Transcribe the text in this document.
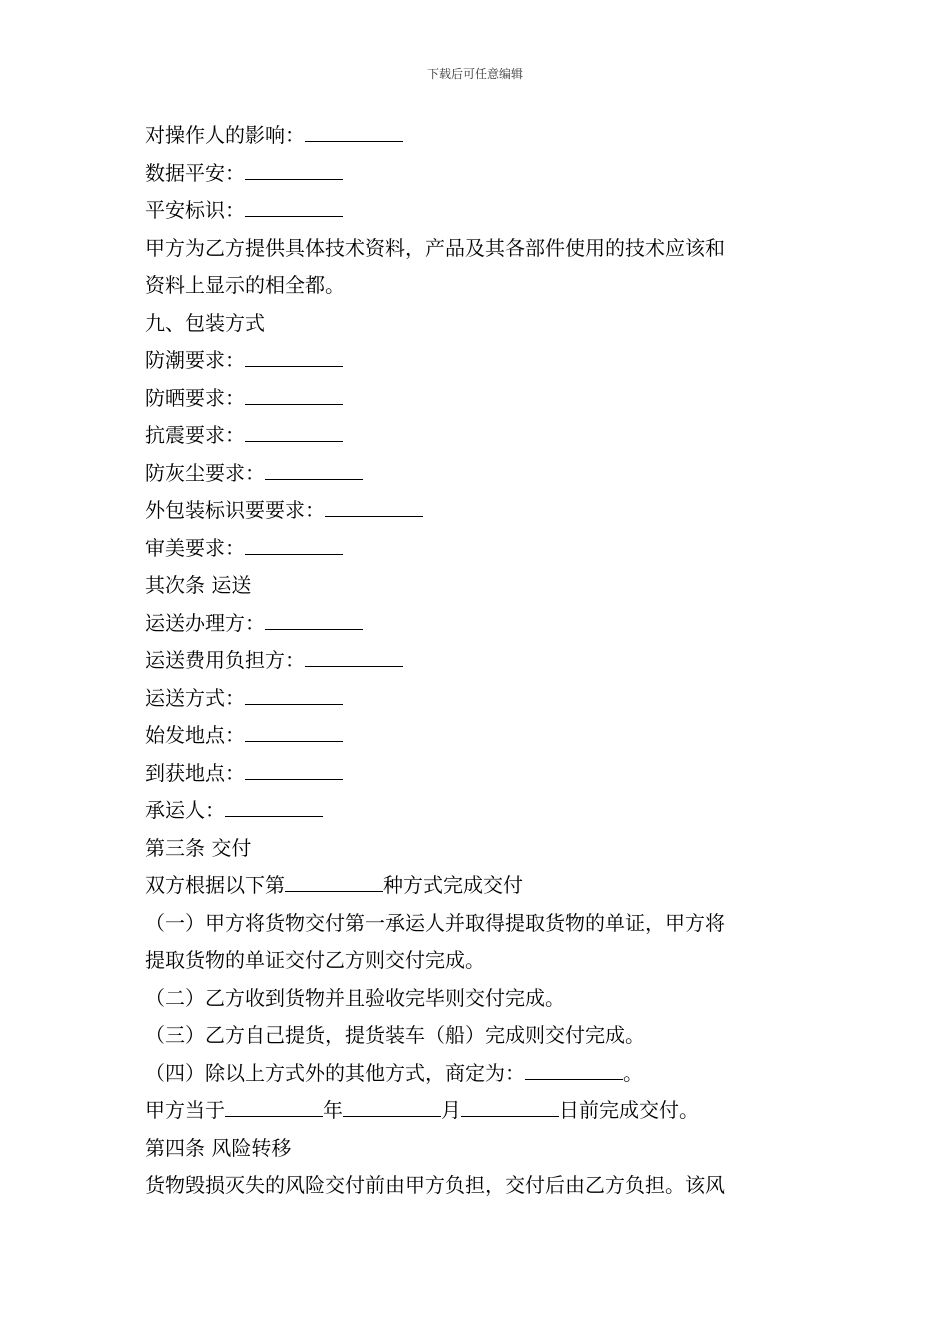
下载后可任意编辑
对操作人的影响：
数据平安：
平安标识：
甲方为乙方提供具体技术资料，产品及其各部件使用的技术应该和
资料上显示的相全都。
九、包装方式
防潮要求：
防晒要求：
抗震要求：
防灰尘要求：
外包装标识要要求：
审美要求：
其次条 运送
运送办理方：
运送费用负担方：
运送方式：
始发地点：
到获地点：
承运人：
第三条 交付
双方根据以下第	种方式完成交付
（一）甲方将货物交付第一承运人并取得提取货物的单证，甲方将
提取货物的单证交付乙方则交付完成。
（二）乙方收到货物并且验收完毕则交付完成。
（三）乙方自己提货，提货装车（船）完成则交付完成。
（四）除以上方式外的其他方式，商定为：	。
甲方当于	年	月	日前完成交付。
第四条 风险转移
货物毁损灭失的风险交付前由甲方负担，交付后由乙方负担。该风
